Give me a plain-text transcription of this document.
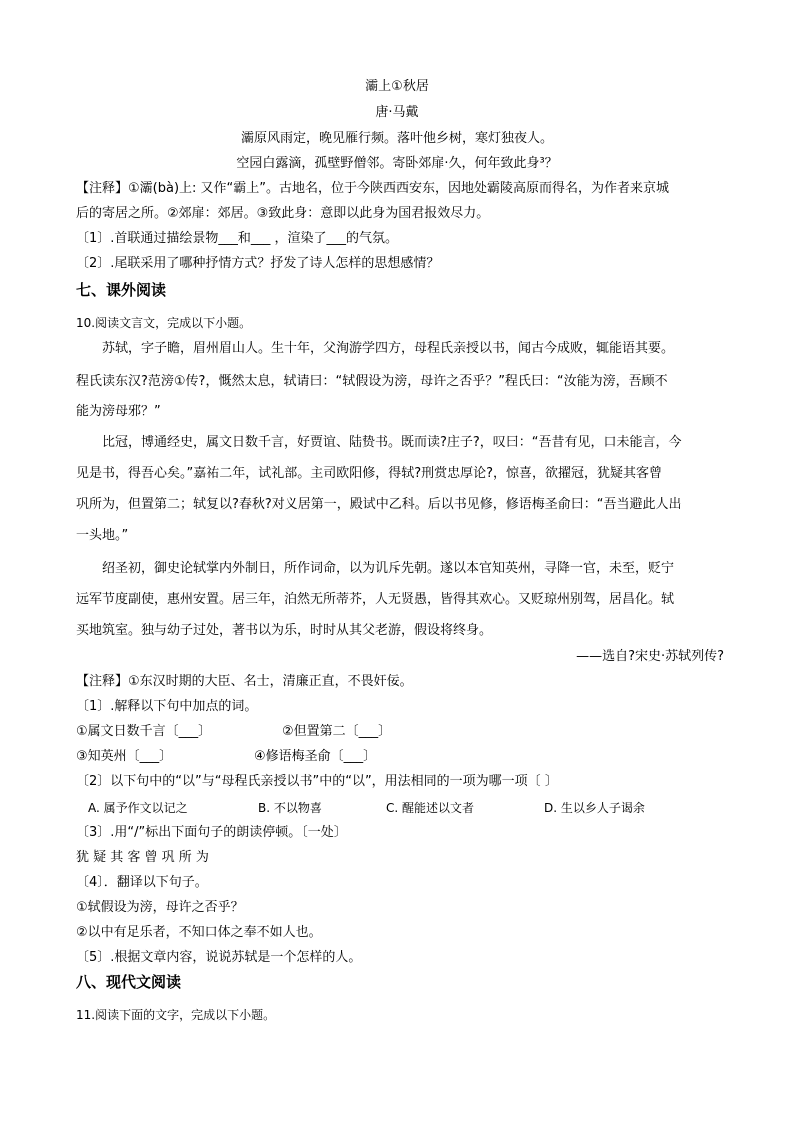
灞上①秋居
唐·马戴
灞原风雨定，晚见雁行频。落叶他乡树，寒灯独夜人。
空园白露滴，孤壁野僧邻。寄卧郊扉·久，何年致此身³？
【注释】①灞(bà)上: 又作“霸上”。古地名，位于今陕西西安东，因地处霸陵高原而得名，为作者来京城
后的寄居之所。②郊扉：郊居。③致此身：意即以此身为国君报效尽力。
〔1〕.首联通过描绘景物___和___ ，渲染了___的气氛。
〔2〕.尾联采用了哪种抒情方式？抒发了诗人怎样的思想感情？
七、课外阅读
10.阅读文言文，完成以下小题。
苏轼，字子瞻，眉州眉山人。生十年，父洵游学四方，母程氏亲授以书，闻古今成败，辄能语其要。
程氏读东汉?范滂①传?，慨然太息，轼请曰：“轼假设为滂，母许之否乎？”程氏曰：“汝能为滂，吾顾不
能为滂母邪？”
比冠，博通经史，属文日数千言，好贾谊、陆贽书。既而读?庄子?，叹曰：“吾昔有见，口未能言，今
见是书，得吾心矣。”嘉祐二年，试礼部。主司欧阳修，得轼?刑赏忠厚论?，惊喜，欲擢冠，犹疑其客曾
巩所为，但置第二；轼复以?春秋?对义居第一，殿试中乙科。后以书见修，修语梅圣俞曰：“吾当避此人出
一头地。”
绍圣初，御史论轼掌内外制日，所作词命，以为讥斥先朝。遂以本官知英州，寻降一官，未至，贬宁
远军节度副使，惠州安置。居三年，泊然无所蒂芥，人无贤愚，皆得其欢心。又贬琼州别驾，居昌化。轼
买地筑室。独与幼子过处，著书以为乐，时时从其父老游，假设将终身。
——选自?宋史·苏轼列传?
【注释】①东汉时期的大臣、名士，清廉正直，不畏奸佞。
〔1〕.解释以下句中加点的词。
①属文日数千言〔___〕	②但置第二〔___〕
③知英州〔___〕	④修语梅圣俞〔___〕
〔2〕以下句中的“以”与“母程氏亲授以书”中的“以”，用法相同的一项为哪一项〔 〕
A. 属予作文以记之	B. 不以物喜	C. 醒能述以文者	D. 生以乡人子谒余
〔3〕.用“/”标出下面句子的朗读停顿。〔一处〕
犹 疑 其 客 曾 巩 所 为
〔4〕．翻译以下句子。
①轼假设为滂，母许之否乎？
②以中有足乐者，不知口体之奉不如人也。
〔5〕.根据文章内容，说说苏轼是一个怎样的人。
八、现代文阅读
11.阅读下面的文字，完成以下小题。
